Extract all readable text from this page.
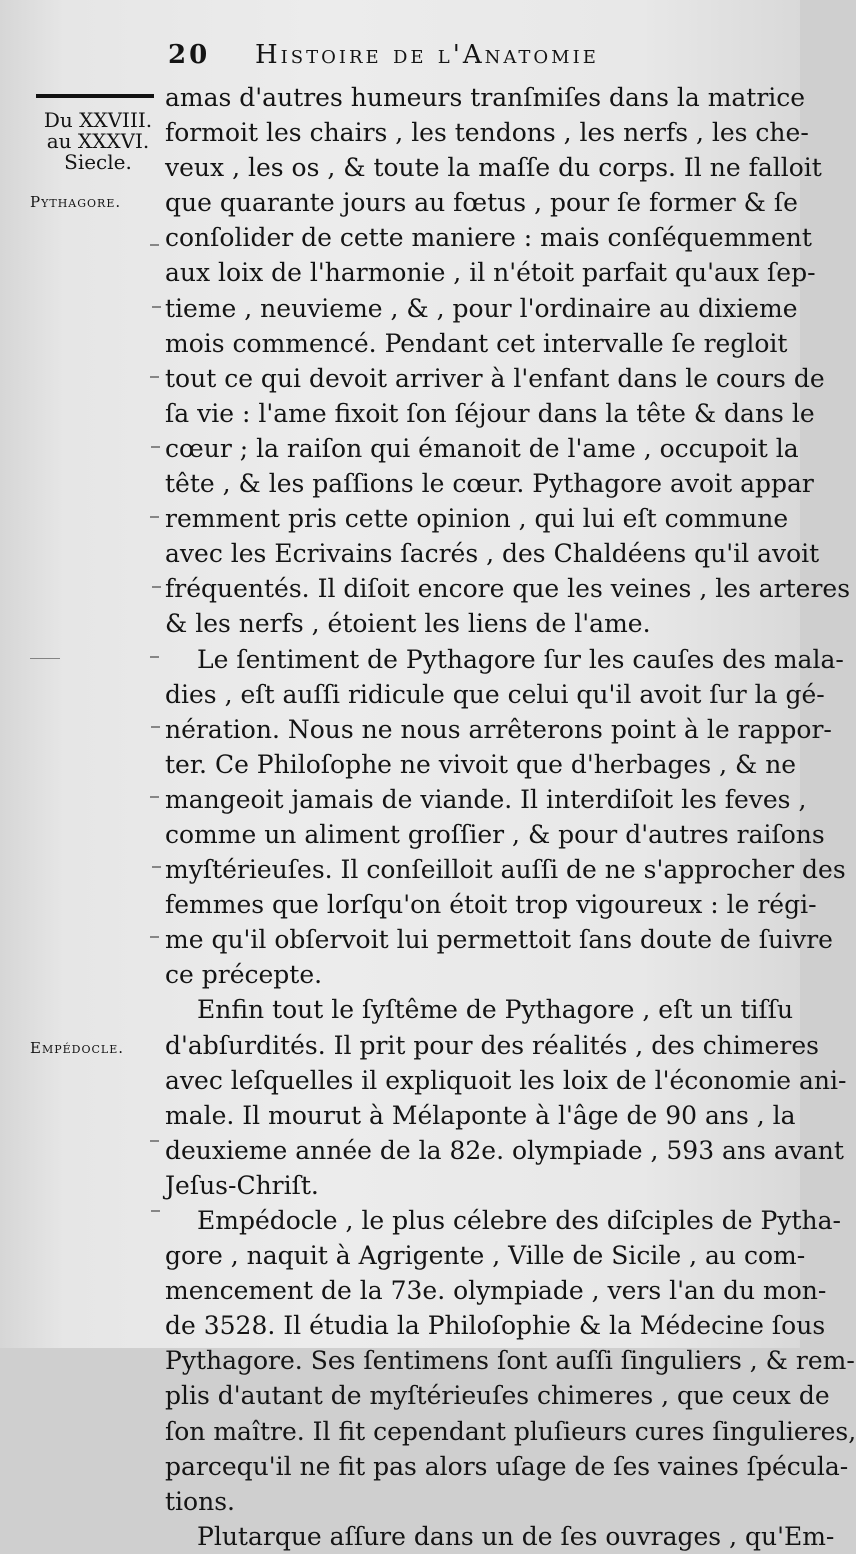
20 Histoire de l'Anatomie
Du XXVIII.
au XXXVI.
Siecle.
Pythagore.
Empédocle.
amas d'autres humeurs tranſmiſes dans la matrice
formoit les chairs , les tendons , les nerfs , les che-
veux , les os , & toute la maſſe du corps. Il ne falloit
que quarante jours au fœtus , pour ſe former & ſe
conſolider de cette maniere : mais conſéquemment
aux loix de l'harmonie , il n'étoit parfait qu'aux ſep-
tieme , neuvieme , & , pour l'ordinaire au dixieme
mois commencé. Pendant cet intervalle ſe regloit
tout ce qui devoit arriver à l'enfant dans le cours de
ſa vie : l'ame fixoit ſon ſéjour dans la tête & dans le
cœur ; la raiſon qui émanoit de l'ame , occupoit la
tête , & les paſſions le cœur. Pythagore avoit appar
remment pris cette opinion , qui lui eſt commune
avec les Ecrivains ſacrés , des Chaldéens qu'il avoit
fréquentés. Il diſoit encore que les veines , les arteres
& les nerfs , étoient les liens de l'ame.
Le ſentiment de Pythagore ſur les cauſes des mala-
dies , eſt auſſi ridicule que celui qu'il avoit ſur la gé-
nération. Nous ne nous arrêterons point à le rappor-
ter. Ce Philoſophe ne vivoit que d'herbages , & ne
mangeoit jamais de viande. Il interdiſoit les feves ,
comme un aliment groſſier , & pour d'autres raiſons
myſtérieuſes. Il conſeilloit auſſi de ne s'approcher des
femmes que lorſqu'on étoit trop vigoureux : le régi-
me qu'il obſervoit lui permettoit ſans doute de ſuivre
ce précepte.
Enfin tout le ſyſtême de Pythagore , eſt un tiſſu
d'abſurdités. Il prit pour des réalités , des chimeres
avec leſquelles il expliquoit les loix de l'économie ani-
male. Il mourut à Mélaponte à l'âge de 90 ans , la
deuxieme année de la 82e. olympiade , 593 ans avant
Jeſus-Chriſt.
Empédocle , le plus célebre des diſciples de Pytha-
gore , naquit à Agrigente , Ville de Sicile , au com-
mencement de la 73e. olympiade , vers l'an du mon-
de 3528. Il étudia la Philoſophie & la Médecine ſous
Pythagore. Ses ſentimens ſont auſſi ſinguliers , & rem-
plis d'autant de myſtérieuſes chimeres , que ceux de
ſon maître. Il fit cependant pluſieurs cures ſingulieres,
parcequ'il ne fit pas alors uſage de ſes vaines ſpécula-
tions.
Plutarque aſſure dans un de ſes ouvrages , qu'Em-
